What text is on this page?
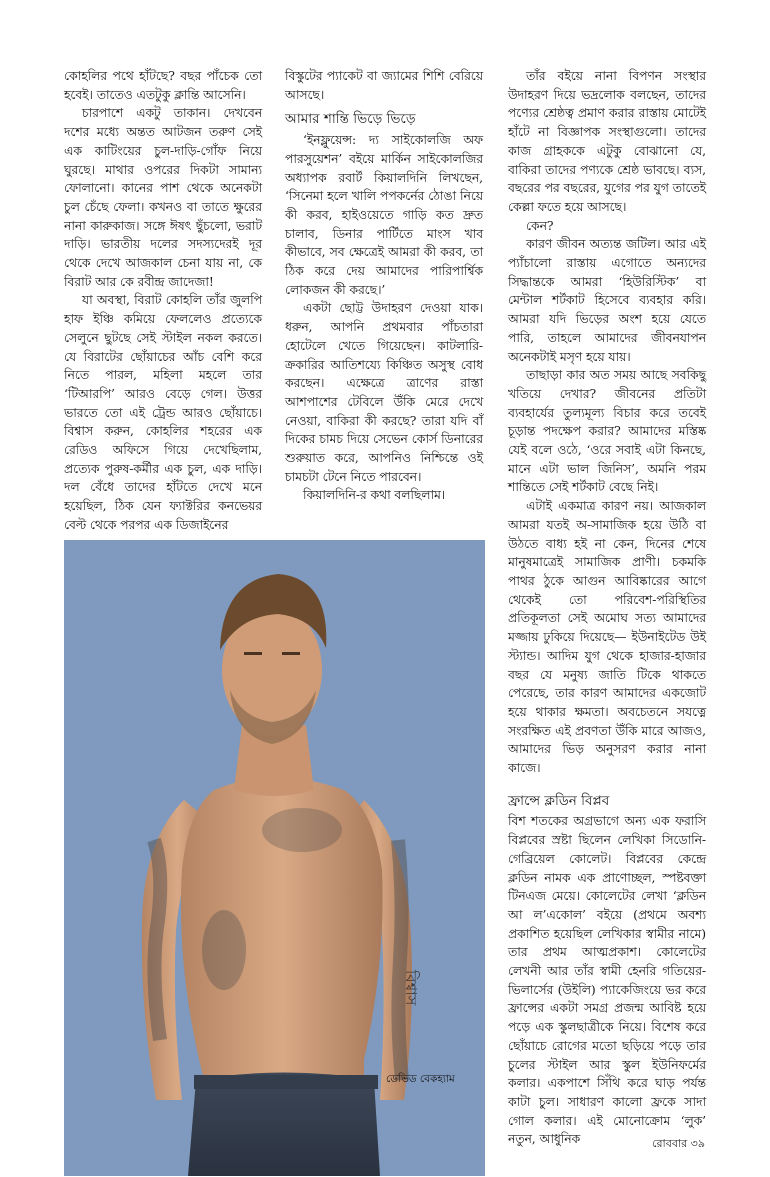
কোহলির পথে হাঁটছে? বছর পাঁচেক তো হবেই। তাতেও এতটুকু ক্লান্তি আসেনি।

চারপাশে একটু তাকান। দেখবেন দশের মধ্যে অন্তত আটজন তরুণ সেই এক কাটিংয়ের চুল-দাড়ি-গোঁফ নিয়ে ঘুরছে। মাথার ওপরের দিকটা সামান্য ফোলানো। কানের পাশ থেকে অনেকটা চুল চেঁছে ফেলা। কখনও বা তাতে ক্ষুরের নানা কারুকাজ। সঙ্গে ঈষৎ ছুঁচলো, ভরাট দাড়ি। ভারতীয় দলের সদস্যদেরই দূর থেকে দেখে আজকাল চেনা যায় না, কে বিরাট আর কে রবীন্দ্র জাদেজা!

যা অবস্থা, বিরাট কোহলি তাঁর জুলপি হাফ ইঞ্চি কমিয়ে ফেললেও প্রত্যেকে সেলুনে ছুটছে সেই স্টাইল নকল করতে। যে বিরাটের ছোঁয়াচের আঁচ বেশি করে নিতে পারল, মহিলা মহলে তার ‘টিআরপি’ আরও বেড়ে গেল। উত্তর ভারতে তো এই ট্রেন্ড আরও ছোঁয়াচে। বিশ্বাস করুন, কোহলির শহরের এক রেডিও অফিসে গিয়ে দেখেছিলাম, প্রত্যেক পুরুষ-কর্মীর এক চুল, এক দাড়ি। দল বেঁধে তাদের হাঁটতে দেখে মনে হয়েছিল, ঠিক যেন ফ্যাক্টরির কনভেয়র বেল্ট থেকে পরপর এক ডিজাইনের

বিস্কুটের প্যাকেট বা জ্যামের শিশি বেরিয়ে আসছে।

আমার শান্তি ভিড়ে ভিড়ে

‘ইনফ্লুয়েন্স: দ্য সাইকোলজি অফ পারসুয়েশন’ বইয়ে মার্কিন সাইকোলজির অধ্যাপক রবার্ট কিয়ালদিনি লিখছেন, ‘সিনেমা হলে খালি পপকর্নের ঠোঙা নিয়ে কী করব, হাইওয়েতে গাড়ি কত দ্রুত চালাব, ডিনার পার্টিতে মাংস খাব কীভাবে, সব ক্ষেত্রেই আমরা কী করব, তা ঠিক করে দেয় আমাদের পারিপার্শ্বিক লোকজন কী করছে।’

একটা ছোট্ট উদাহরণ দেওয়া যাক। ধরুন, আপনি প্রথমবার পাঁচতারা হোটেলে খেতে গিয়েছেন। কাটলারি-ক্রকারির আতিশয্যে কিঞ্চিত অসুস্থ বোধ করছেন। এক্ষেত্রে ত্রাণের রাস্তা আশপাশের টেবিলে উঁকি মেরে দেখে নেওয়া, বাকিরা কী করছে? তারা যদি বাঁ দিকের চামচ দিয়ে সেভেন কোর্স ডিনারের শুরুয়াত করে, আপনিও নিশ্চিন্তে ওই চামচটা টেনে নিতে পারবেন।

কিয়ালদিনি-র কথা বলছিলাম।

তাঁর বইয়ে নানা বিপণন সংস্থার উদাহরণ দিয়ে ভদ্রলোক বলছেন, তাদের পণ্যের শ্রেষ্ঠত্ব প্রমাণ করার রাস্তায় মোটেই হাঁটে না বিজ্ঞাপক সংস্থাগুলো। তাদের কাজ গ্রাহককে এটুকু বোঝানো যে, বাকিরা তাদের পণ্যকে শ্রেষ্ঠ ভাবছে। ব্যস, বছরের পর বছরের, যুগের পর যুগ তাতেই কেল্লা ফতে হয়ে আসছে।

কেন?

কারণ জীবন অত্যন্ত জটিল। আর এই প্যাঁচালো রাস্তায় এগোতে অন্যদের সিদ্ধান্তকে আমরা ‘হিউরিস্টিক’ বা মেন্টাল শর্টকাট হিসেবে ব্যবহার করি। আমরা যদি ভিড়ের অংশ হয়ে যেতে পারি, তাহলে আমাদের জীবনযাপন অনেকটাই মসৃণ হয়ে যায়।

তাছাড়া কার অত সময় আছে সবকিছু খতিয়ে দেখার? জীবনের প্রতিটা ব্যবহার্যের তুল্যমূল্য বিচার করে তবেই চূড়ান্ত পদক্ষেপ করার? আমাদের মস্তিষ্ক যেই বলে ওঠে, ‘ওরে সবাই এটা কিনছে, মানে এটা ভাল জিনিস’, অমনি পরম শান্তিতে সেই শর্টকাট বেছে নিই।

এটাই একমাত্র কারণ নয়। আজকাল আমরা যতই অ-সামাজিক হয়ে উঠি বা উঠতে বাধ্য হই না কেন, দিনের শেষে মানুষমাত্রেই সামাজিক প্রাণী। চকমকি পাথর ঠুকে আগুন আবিষ্কারের আগে থেকেই তো পরিবেশ-পরিস্থিতির প্রতিকূলতা সেই অমোঘ সত্য আমাদের মজ্জায় ঢুকিয়ে দিয়েছে— ইউনাইটেড উই স্ট্যান্ড। আদিম যুগ থেকে হাজার-হাজার বছর যে মনুষ্য জাতি টিকে থাকতে পেরেছে, তার কারণ আমাদের একজোট হয়ে থাকার ক্ষমতা। অবচেতনে সযত্নে সংরক্ষিত এই প্রবণতা উঁকি মারে আজও, আমাদের ভিড় অনুসরণ করার নানা কাজে।

ফ্রান্সে ক্লডিন বিপ্লব

বিশ শতকের অগ্রভাগে অন্য এক ফরাসি বিপ্লবের স্রষ্টা ছিলেন লেখিকা সিডোনি-গেব্রিয়েল কোলেট। বিপ্লবের কেন্দ্রে ক্লডিন নামক এক প্রাণোচ্ছল, স্পষ্টবক্তা টিনএজ মেয়ে। কোলেটের লেখা ‘ক্লডিন আ ল’একোল’ বইয়ে (প্রথমে অবশ্য প্রকাশিত হয়েছিল লেখিকার স্বামীর নামে) তার প্রথম আত্মপ্রকাশ। কোলেটের লেখনী আর তাঁর স্বামী হেনরি গতিয়ের-ভিলার্সের (উইলি) প্যাকেজিংয়ে ভর করে ফ্রান্সের একটা সমগ্র প্রজন্ম আবিষ্ট হয়ে পড়ে এক স্কুলছাত্রীকে নিয়ে। বিশেষ করে ছোঁয়াচে রোগের মতো ছড়িয়ে পড়ে তার চুলের স্টাইল আর স্কুল ইউনিফর্মের কলার। একপাশে সিঁথি করে ঘাড় পর্যন্ত কাটা চুল। সাধারণ কালো ফ্রকে সাদা গোল কলার। এই মোনোক্রোম ‘লুক’ নতুন, আধুনিক

বিশ্বাস
ডেভিড বেকহ্যাম
রোববার ৩৯
